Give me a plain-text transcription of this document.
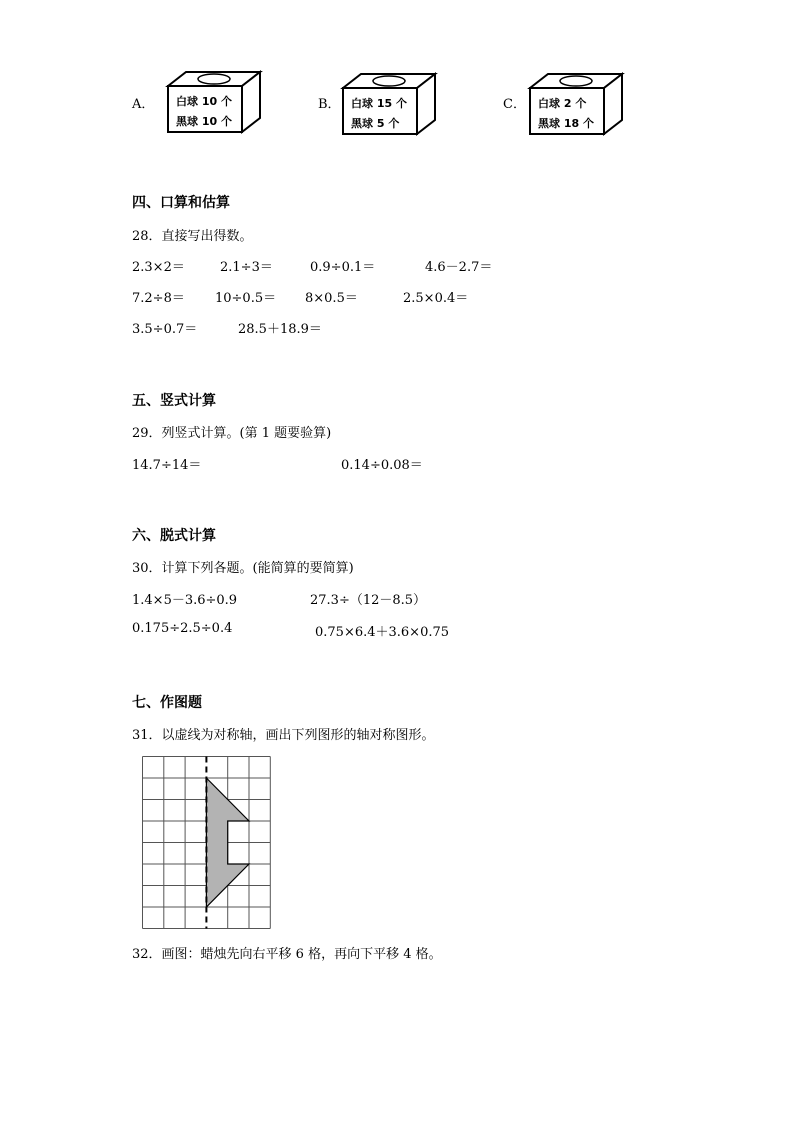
A． 白球 10 个
黑球 10 个
B． 白球 15 个
黑球 5 个
C． 白球 2 个
黑球 18 个
四、口算和估算
28．直接写出得数。
2.3×2＝	2.1÷3＝	0.9÷0.1＝	4.6－2.7＝
7.2÷8＝ 10÷0.5＝ 8×0.5＝	2.5×0.4＝
3.5÷0.7＝	28.5＋18.9＝
五、竖式计算
29．列竖式计算。(第 1 题要验算)
14.7÷14＝	0.14÷0.08＝
六、脱式计算
30．计算下列各题。(能简算的要简算)
1.4×5－3.6÷0.9	27.3÷（12－8.5）
0.175÷2.5÷0.4	0.75×6.4＋3.6×0.75
七、作图题
31．以虚线为对称轴，画出下列图形的轴对称图形。
32．画图：蜡烛先向右平移 6 格，再向下平移 4 格。
